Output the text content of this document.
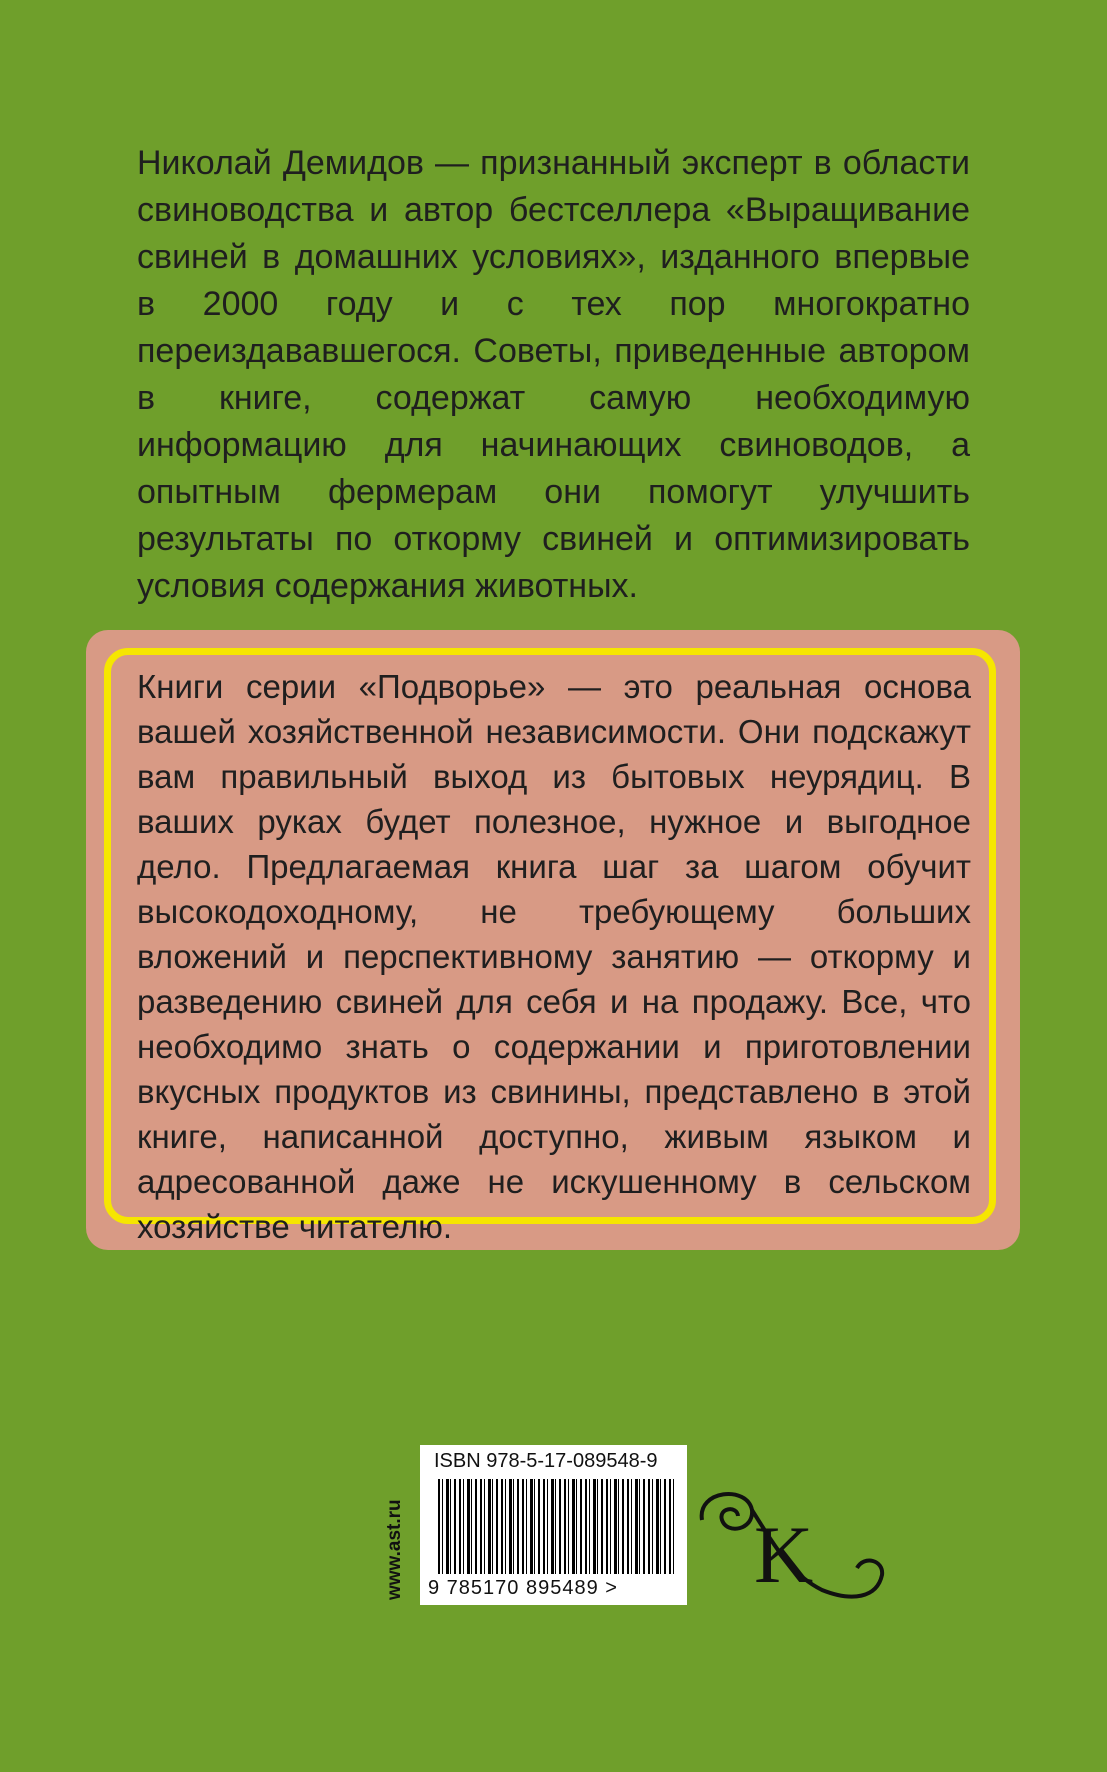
Николай Демидов — признанный эксперт в области свиноводства и автор бестселлера «Выращивание свиней в домашних условиях», изданного впервые в 2000 году и с тех пор многократно переиздававшегося. Советы, приведенные автором в книге, содержат самую необходимую информацию для начинающих свиноводов, а опытным фермерам они помогут улучшить результаты по откорму свиней и оптимизировать условия содержания животных.
Книги серии «Подворье» — это реальная основа вашей хозяйственной независимости. Они подскажут вам правильный выход из бытовых неурядиц. В ваших руках будет полезное, нужное и выгодное дело. Предлагаемая книга шаг за шагом обучит высокодоходному, не требующему больших вложений и перспективному занятию — откорму и разведению свиней для себя и на продажу. Все, что необходимо знать о содержании и приготовлении вкусных продуктов из свинины, представлено в этой книге, написанной доступно, живым языком и адресованной даже не искушенному в сельском хозяйстве читателю.
www.ast.ru
ISBN 978-5-17-089548-9
9 785170 895489 > K
